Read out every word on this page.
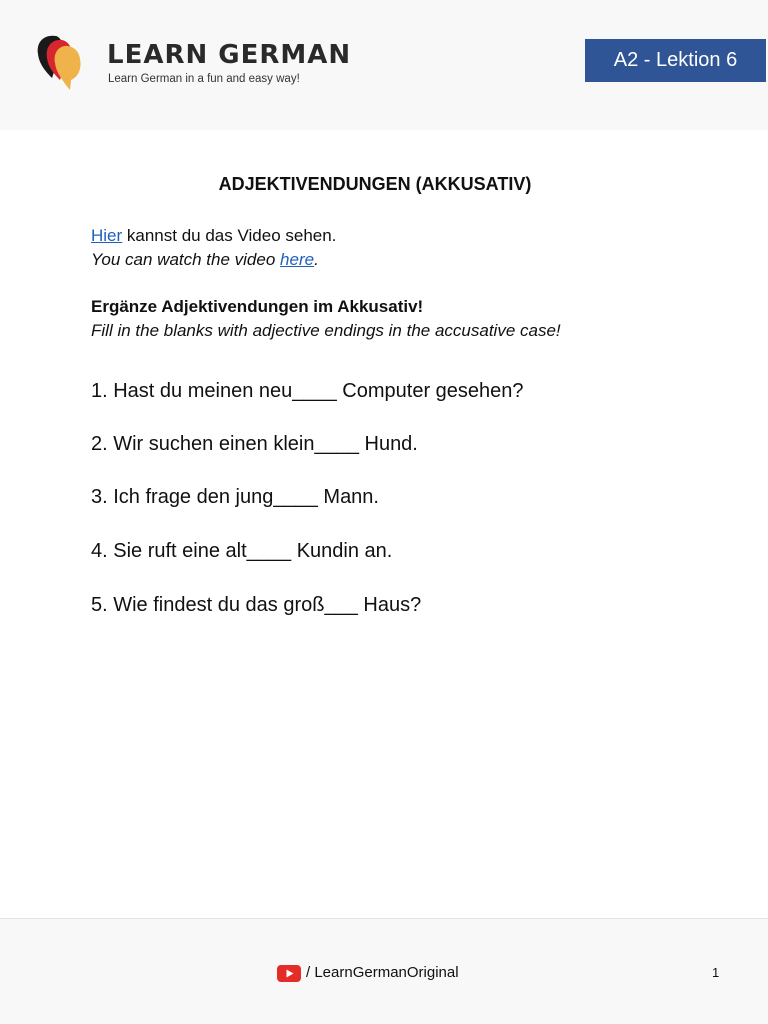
LEARN GERMAN
Learn German in a fun and easy way!
A2 - Lektion 6
ADJEKTIVENDUNGEN (AKKUSATIV)
Hier kannst du das Video sehen.
You can watch the video here.
Ergänze Adjektivendungen im Akkusativ!
Fill in the blanks with adjective endings in the accusative case!
1. Hast du meinen neu____ Computer gesehen?
2. Wir suchen einen klein____ Hund.
3. Ich frage den jung____ Mann.
4. Sie ruft eine alt____ Kundin an.
5. Wie findest du das groß___ Haus?
/ LearnGermanOriginal	1
